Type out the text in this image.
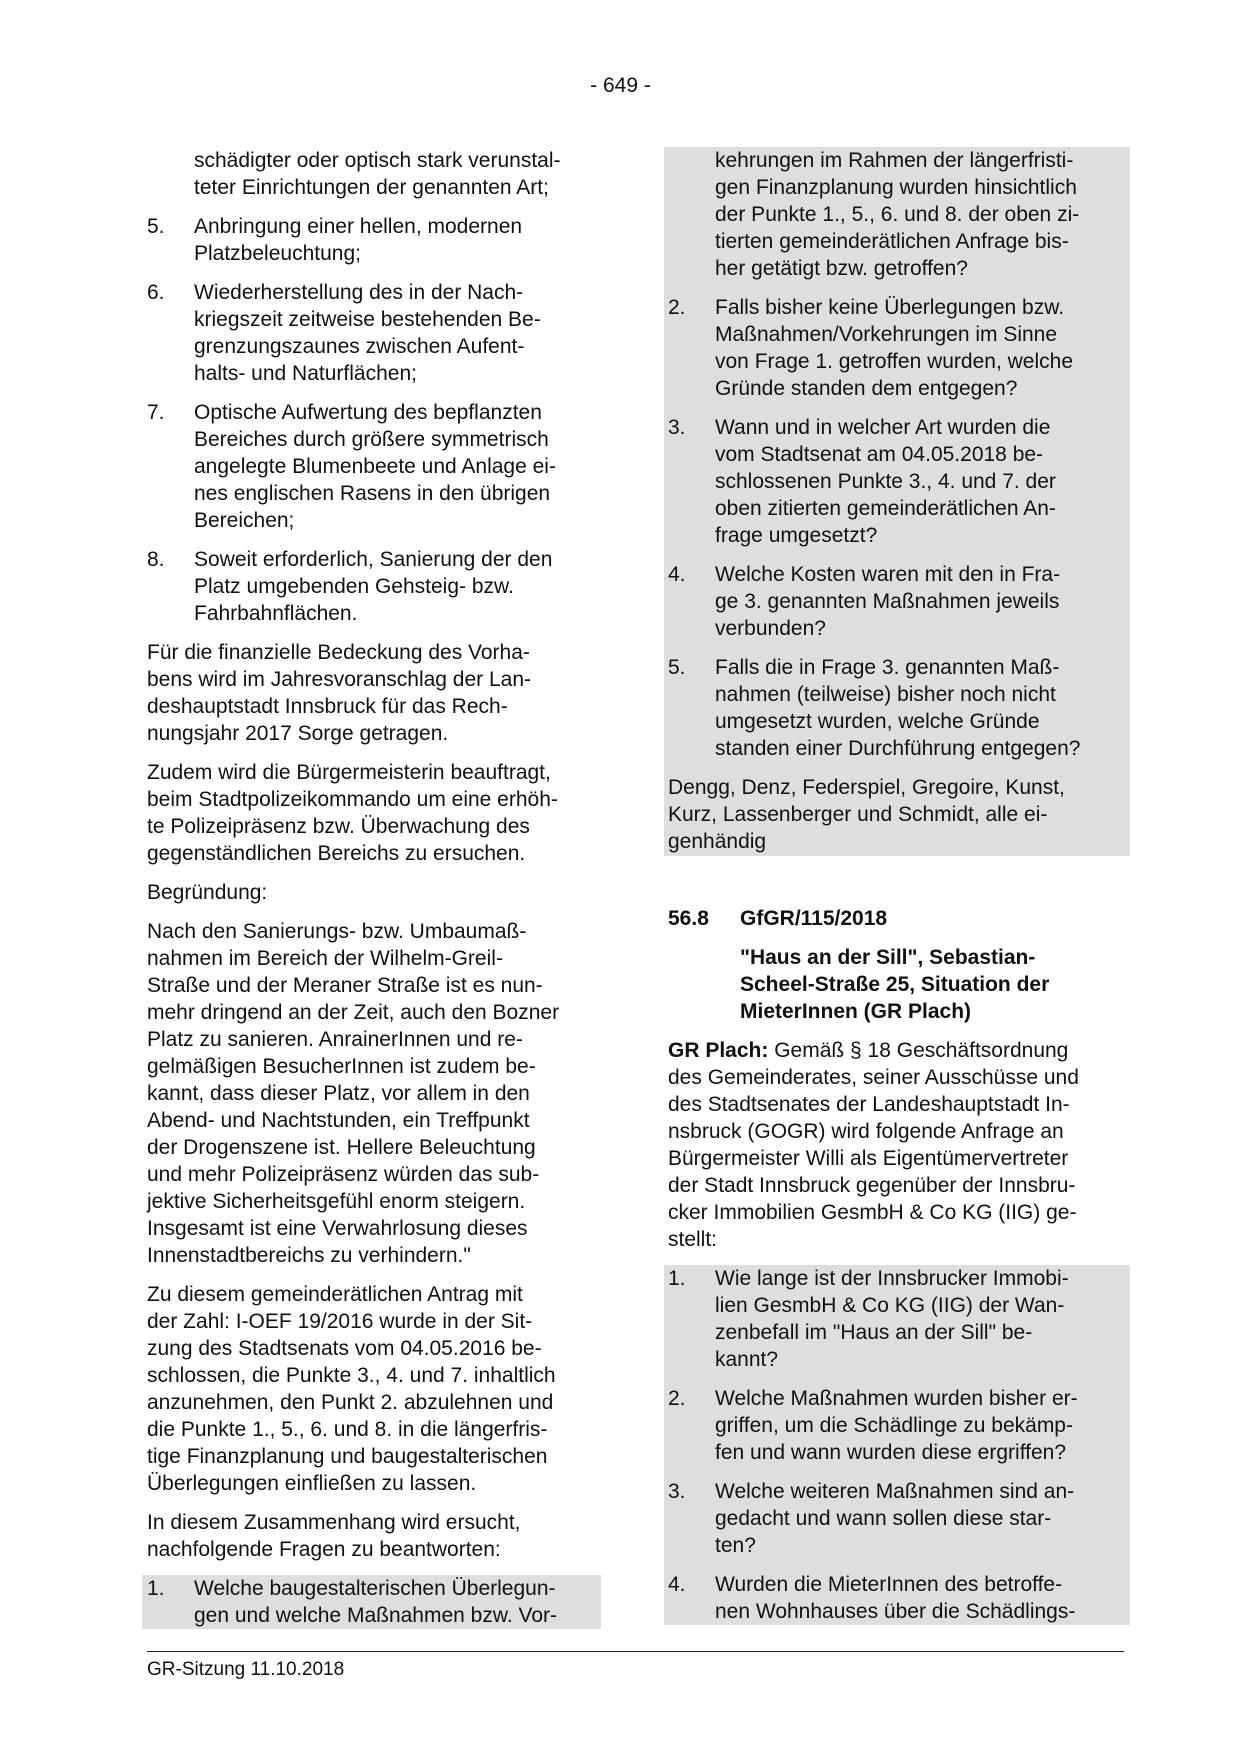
- 649 -
schädigter oder optisch stark verunstal-
teter Einrichtungen der genannten Art;
5.	Anbringung einer hellen, modernen
Platzbeleuchtung;
6.	Wiederherstellung des in der Nach-
kriegszeit zeitweise bestehenden Be-
grenzungszaunes zwischen Aufent-
halts- und Naturflächen;
7.	Optische Aufwertung des bepflanzten
Bereiches durch größere symmetrisch
angelegte Blumenbeete und Anlage ei-
nes englischen Rasens in den übrigen
Bereichen;
8.	Soweit erforderlich, Sanierung der den
Platz umgebenden Gehsteig- bzw.
Fahrbahnflächen.

Für die finanzielle Bedeckung des Vorha-
bens wird im Jahresvoranschlag der Lan-
deshauptstadt Innsbruck für das Rech-
nungsjahr 2017 Sorge getragen.

Zudem wird die Bürgermeisterin beauftragt,
beim Stadtpolizeikommando um eine erhöh-
te Polizeipräsenz bzw. Überwachung des
gegenständlichen Bereichs zu ersuchen.

Begründung:

Nach den Sanierungs- bzw. Umbaumaß-
nahmen im Bereich der Wilhelm-Greil-
Straße und der Meraner Straße ist es nun-
mehr dringend an der Zeit, auch den Bozner
Platz zu sanieren. AnrainerInnen und re-
gelmäßigen BesucherInnen ist zudem be-
kannt, dass dieser Platz, vor allem in den
Abend- und Nachtstunden, ein Treffpunkt
der Drogenszene ist. Hellere Beleuchtung
und mehr Polizeipräsenz würden das sub-
jektive Sicherheitsgefühl enorm steigern.
Insgesamt ist eine Verwahrlosung dieses
Innenstadtbereichs zu verhindern."

Zu diesem gemeinderätlichen Antrag mit
der Zahl: I-OEF 19/2016 wurde in der Sit-
zung des Stadtsenats vom 04.05.2016 be-
schlossen, die Punkte 3., 4. und 7. inhaltlich
anzunehmen, den Punkt 2. abzulehnen und
die Punkte 1., 5., 6. und 8. in die längerfris-
tige Finanzplanung und baugestalterischen
Überlegungen einfließen zu lassen.

In diesem Zusammenhang wird ersucht,
nachfolgende Fragen zu beantworten:

1.	Welche baugestalterischen Überlegun-
gen und welche Maßnahmen bzw. Vor-
kehrungen im Rahmen der längerfristi-
gen Finanzplanung wurden hinsichtlich
der Punkte 1., 5., 6. und 8. der oben zi-
tierten gemeinderätlichen Anfrage bis-
her getätigt bzw. getroffen?
2.	Falls bisher keine Überlegungen bzw.
Maßnahmen/Vorkehrungen im Sinne
von Frage 1. getroffen wurden, welche
Gründe standen dem entgegen?
3.	Wann und in welcher Art wurden die
vom Stadtsenat am 04.05.2018 be-
schlossenen Punkte 3., 4. und 7. der
oben zitierten gemeinderätlichen An-
frage umgesetzt?
4.	Welche Kosten waren mit den in Fra-
ge 3. genannten Maßnahmen jeweils
verbunden?
5.	Falls die in Frage 3. genannten Maß-
nahmen (teilweise) bisher noch nicht
umgesetzt wurden, welche Gründe
standen einer Durchführung entgegen?
Dengg, Denz, Federspiel, Gregoire, Kunst,
Kurz, Lassenberger und Schmidt, alle ei-
genhändig
56.8	GfGR/115/2018
"Haus an der Sill", Sebastian-
Scheel-Straße 25, Situation der
MieterInnen (GR Plach)

GR Plach: Gemäß § 18 Geschäftsordnung
des Gemeinderates, seiner Ausschüsse und
des Stadtsenates der Landeshauptstadt In-
nsbruck (GOGR) wird folgende Anfrage an
Bürgermeister Willi als Eigentümervertreter
der Stadt Innsbruck gegenüber der Innsbru-
cker Immobilien GesmbH & Co KG (IIG) ge-
stellt:

1.	Wie lange ist der Innsbrucker Immobi-
lien GesmbH & Co KG (IIG) der Wan-
zenbefall im "Haus an der Sill" be-
kannt?
2.	Welche Maßnahmen wurden bisher er-
griffen, um die Schädlinge zu bekämp-
fen und wann wurden diese ergriffen?
3.	Welche weiteren Maßnahmen sind an-
gedacht und wann sollen diese star-
ten?
4.	Wurden die MieterInnen des betroffe-
nen Wohnhauses über die Schädlings-
GR-Sitzung 11.10.2018
